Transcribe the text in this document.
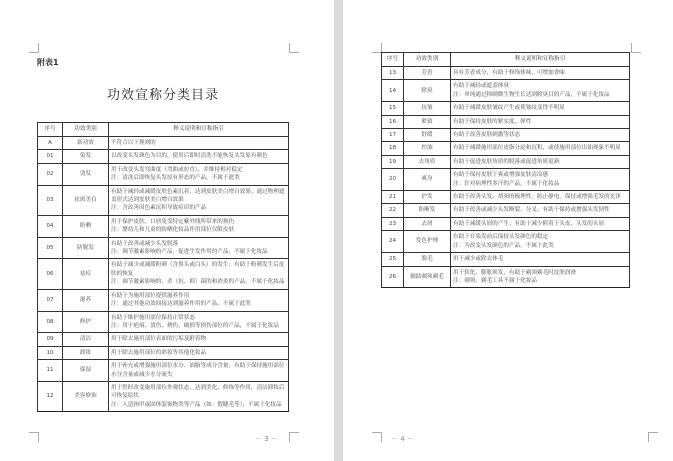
附表1
功效宣称分类目录
序号	功效类别	释义说明和宣称指引
A	新功效	不符合以下规则的

01	染发	以改变头发颜色为目的，使用后即时清洗不能恢复头发原有颜色

02	烫发	用于改变头发弯曲度（弯曲或拉直），并维持相对稳定
注：清洗后即恢复头发原有形态的产品，不属于此类

03	祛斑美白	有助于减轻或减缓皮肤色素沉着，达到皮肤美白增白效果；通过物理遮盖形式达到皮肤美白增白效果
注：含改善因色素沉积导致痘印的产品

04	防晒	用于保护皮肤、口唇免受特定紫外线所带来的损伤
注：婴幼儿和儿童的防晒化妆品作用部位仅限皮肤

05	防脱发	有助于改善或减少头发脱落
注：调节激素影响的产品，促进生发作用的产品，不属于化妆品

06	祛痘	有助于减少或减缓粉刺（含黑头或白头）的发生；有助于粉刺发生后皮肤的恢复
注：调节激素影响的、杀（抗、抑）菌的和消炎的产品，不属于化妆品

07	滋养	有助于为施用部位提供滋养作用
注：通过其他功效间接达到滋养作用的产品，不属于此类

08	修护	有助于维护施用部位保持正常状态
注：用于疤痕、烫伤、烧伤、破损等损伤部位的产品，不属于化妆品

09	清洁	用于除去施用部位表面的污垢及附着物

10	卸妆	用于除去施用部位的彩妆等其他化妆品

11	保湿	用于补充或增强施用部位水分、油脂等成分含量；有助于保持施用部位水分含量或减少水分流失

12	美容修饰	用于暂时改变施用部位外观状态，达到美化、修饰等作用，清洁卸妆后可恢复原状
注：人造指甲或固体装饰物类等产品（如：假睫毛等），不属于化妆品
－ 3 －
序号	功效类别	释义说明和宣称指引
13	芳香	具有芳香成分，有助于修饰体味，可增加香味

14	除臭	有助于减轻或遮盖体臭
注：单纯通过抑制微生物生长达到除臭目的产品，不属于化妆品

15	抗皱	有助于减缓皮肤皱纹产生或使皱纹变得不明显

16	紧致	有助于保持皮肤的紧实度、弹性

17	舒缓	有助于改善皮肤刺激等状态

18	控油	有助于减缓施用部位皮脂分泌和沉积，或使施用部位出油现象不明显

19	去角质	有助于促进皮肤角质的脱落或促进角质更新

20	爽身	有助于保持皮肤干爽或增强皮肤清凉感
注：针对病理性多汗的产品，不属于化妆品

21	护发	有助于改善头发、胡须的梳理性，防止静电，保持或增强毛发的光泽

22	防断发	有助于改善或减少头发断裂、分叉；有助于保持或增强头发韧性

23	去屑	有助于减缓头屑的产生；有助于减少附着于头皮、头发的头屑

24	发色护理	有助于在染发前后保持头发颜色的稳定
注：为改变头发颜色的产品，不属于此类

25	脱毛	用于减少或除去体毛

26	辅助剃须剃毛	用于软化、膨胀须发，有助于剃须剃毛时皮肤润滑
注：剃须、剃毛工具不属于化妆品
－ 4 －
